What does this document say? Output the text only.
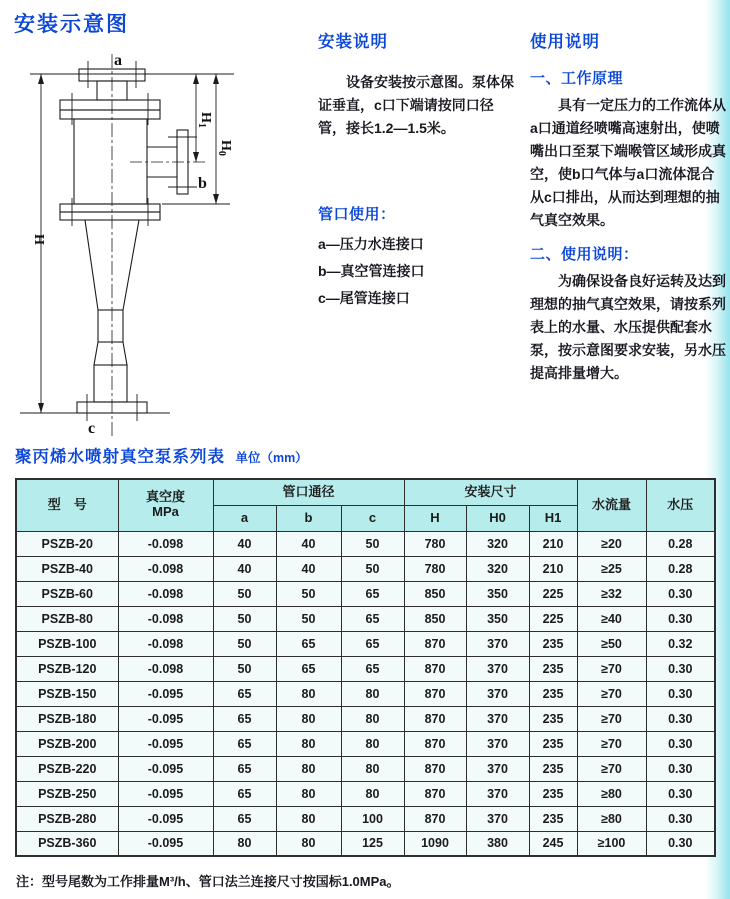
安装示意图
a
b
c
$H_1$
$H_0$
H
安装说明

设备安装按示意图。泵体保证垂直，c口下端请按同口径管，接长1.2—1.5米。

管口使用：
a—压力水连接口
b—真空管连接口
c—尾管连接口
使用说明
一、工作原理

具有一定压力的工作流体从a口通道经喷嘴高速射出，使喷嘴出口至泵下端喉管区域形成真空，使b口气体与a口流体混合从c口排出，从而达到理想的抽气真空效果。

二、使用说明：

为确保设备良好运转及达到理想的抽气真空效果，请按系列表上的水量、水压提供配套水泵，按示意图要求安装，另水压提高排量增大。

聚丙烯水喷射真空泵系列表 单位（mm）
型　号	真空度
MPa	管口通径			安装尺寸			水流量	水压
		a	b	c	H	H0	H1		
PSZB-20	-0.098	40	40	50	780	320	210	≥20	0.28
PSZB-40	-0.098	40	40	50	780	320	210	≥25	0.28
PSZB-60	-0.098	50	50	65	850	350	225	≥32	0.30
PSZB-80	-0.098	50	50	65	850	350	225	≥40	0.30
PSZB-100	-0.098	50	65	65	870	370	235	≥50	0.32
PSZB-120	-0.098	50	65	65	870	370	235	≥70	0.30
PSZB-150	-0.095	65	80	80	870	370	235	≥70	0.30
PSZB-180	-0.095	65	80	80	870	370	235	≥70	0.30
PSZB-200	-0.095	65	80	80	870	370	235	≥70	0.30
PSZB-220	-0.095	65	80	80	870	370	235	≥70	0.30
PSZB-250	-0.095	65	80	80	870	370	235	≥80	0.30
PSZB-280	-0.095	65	80	100	870	370	235	≥80	0.30
PSZB-360	-0.095	80	80	125	1090	380	245	≥100	0.30

注：型号尾数为工作排量M³/h、管口法兰连接尺寸按国标1.0MPa。
